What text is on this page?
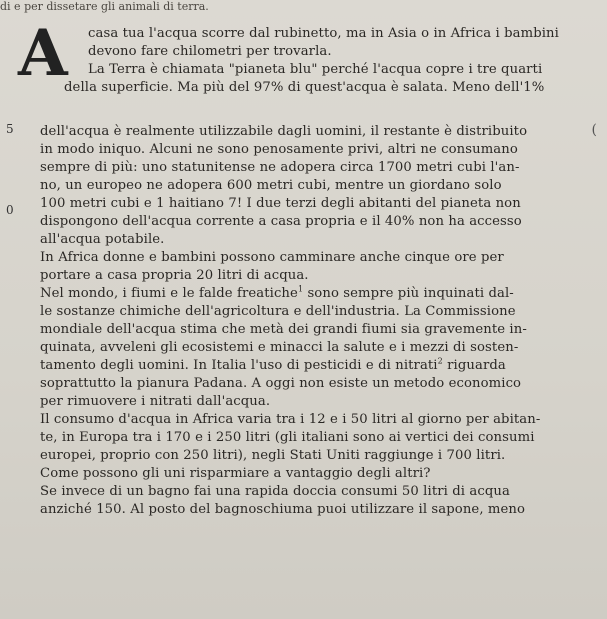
di e per dissetare gli animali di terra.
A
(
5
0
casa tua l'acqua scorre dal rubinetto, ma in Asia o in Africa i bambini
devono fare chilometri per trovarla.
La Terra è chiamata "pianeta blu" perché l'acqua copre i tre quarti
della superficie. Ma più del 97% di quest'acqua è salata. Meno dell'1%
dell'acqua è realmente utilizzabile dagli uomini, il restante è distribuito
in modo iniquo. Alcuni ne sono penosamente privi, altri ne consumano
sempre di più: uno statunitense ne adopera circa 1700 metri cubi l'an-
no, un europeo ne adopera 600 metri cubi, mentre un giordano solo
100 metri cubi e 1 haitiano 7! I due terzi degli abitanti del pianeta non
dispongono dell'acqua corrente a casa propria e il 40% non ha accesso
all'acqua potabile.
In Africa donne e bambini possono camminare anche cinque ore per
portare a casa propria 20 litri di acqua.
Nel mondo, i fiumi e le falde freatiche$^1$ sono sempre più inquinati dal-
le sostanze chimiche dell'agricoltura e dell'industria. La Commissione
mondiale dell'acqua stima che metà dei grandi fiumi sia gravemente in-
quinata, avveleni gli ecosistemi e minacci la salute e i mezzi di sosten-
tamento degli uomini. In Italia l'uso di pesticidi e di nitrati$^2$ riguarda
soprattutto la pianura Padana. A oggi non esiste un metodo economico
per rimuovere i nitrati dall'acqua.
Il consumo d'acqua in Africa varia tra i 12 e i 50 litri al giorno per abitan-
te, in Europa tra i 170 e i 250 litri (gli italiani sono ai vertici dei consumi
europei, proprio con 250 litri), negli Stati Uniti raggiunge i 700 litri.
Come possono gli uni risparmiare a vantaggio degli altri?
Se invece di un bagno fai una rapida doccia consumi 50 litri di acqua
anziché 150. Al posto del bagnoschiuma puoi utilizzare il sapone, meno
